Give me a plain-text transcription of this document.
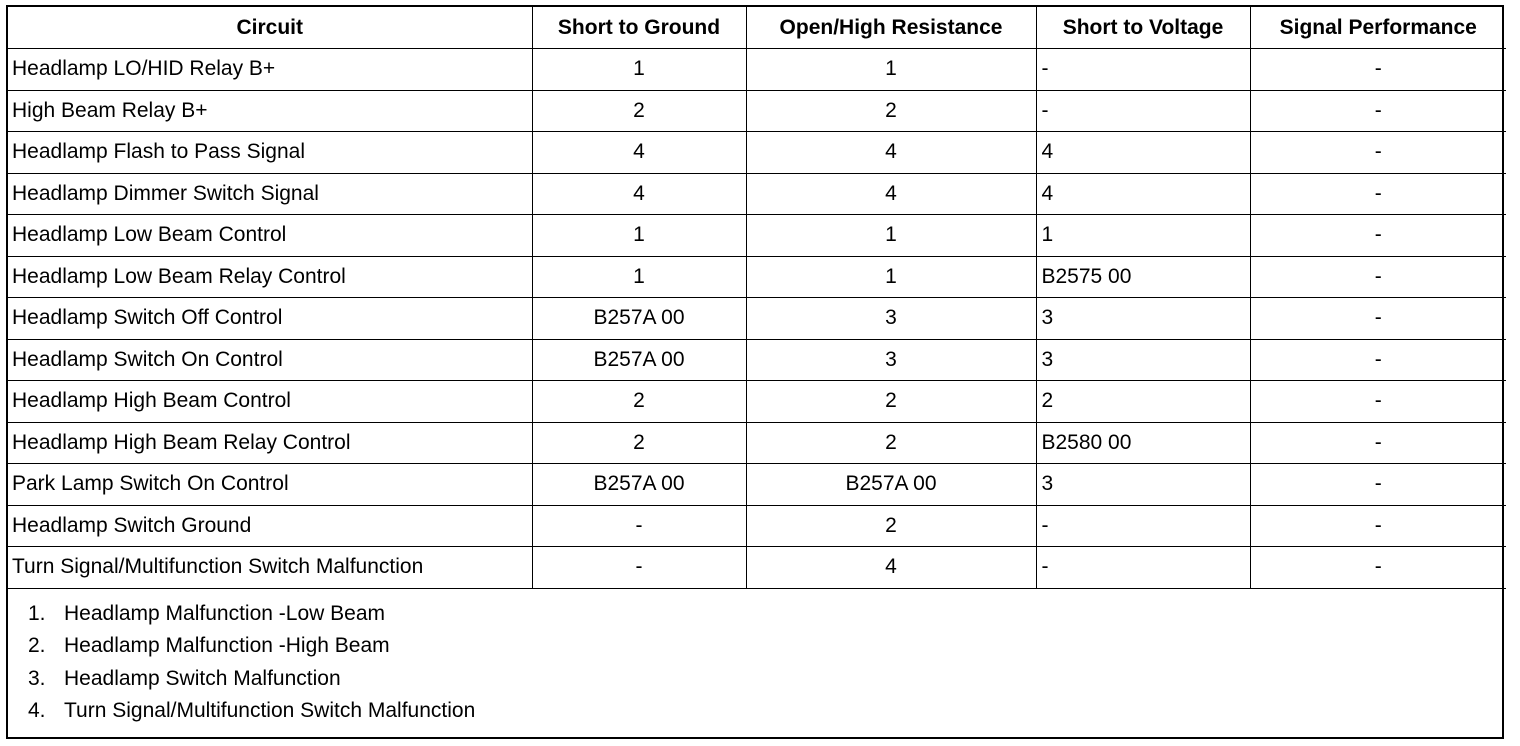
Circuit	Short to Ground	Open/High Resistance	Short to Voltage	Signal Performance
Headlamp LO/HID Relay B+	1	1	-	-
High Beam Relay B+	2	2	-	-
Headlamp Flash to Pass Signal	4	4	4	-
Headlamp Dimmer Switch Signal	4	4	4	-
Headlamp Low Beam Control	1	1	1	-
Headlamp Low Beam Relay Control	1	1	B2575 00	-
Headlamp Switch Off Control	B257A 00	3	3	-
Headlamp Switch On Control	B257A 00	3	3	-
Headlamp High Beam Control	2	2	2	-
Headlamp High Beam Relay Control	2	2	B2580 00	-
Park Lamp Switch On Control	B257A 00	B257A 00	3	-
Headlamp Switch Ground	-	2	-	-
Turn Signal/Multifunction Switch Malfunction	-	4	-	-
1. Headlamp Malfunction -Low Beam
2. Headlamp Malfunction -High Beam
3. Headlamp Switch Malfunction
4. Turn Signal/Multifunction Switch Malfunction
